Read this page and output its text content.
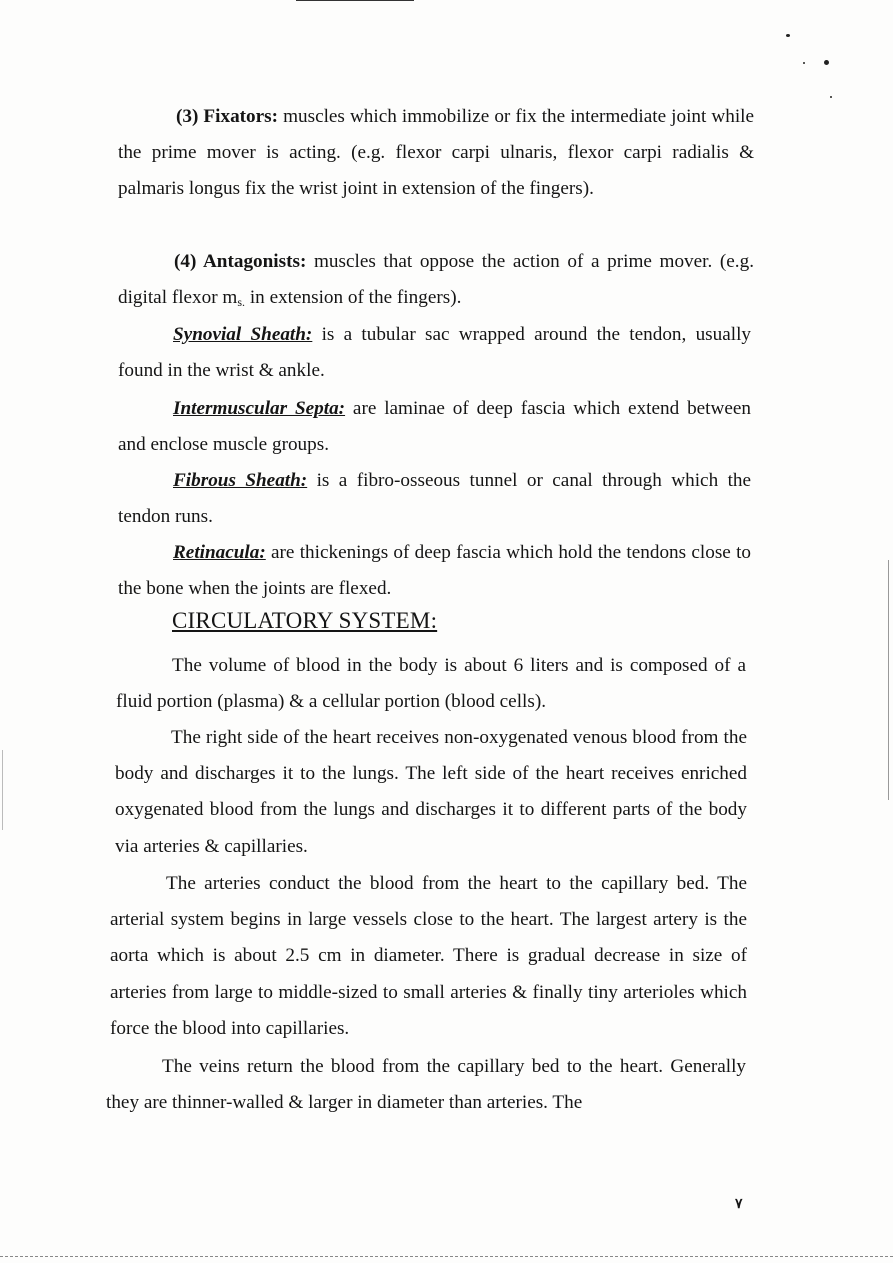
(3) Fixators: muscles which immobilize or fix the intermediate joint while the prime mover is acting. (e.g. flexor carpi ulnaris, flexor carpi radialis & palmaris longus fix the wrist joint in extension of the fingers).

(4) Antagonists: muscles that oppose the action of a prime mover. (e.g. digital flexor $m_{s.}$ in extension of the fingers).

Synovial Sheath: is a tubular sac wrapped around the tendon, usually found in the wrist & ankle.

Intermuscular Septa: are laminae of deep fascia which extend between and enclose muscle groups.

Fibrous Sheath: is a fibro-osseous tunnel or canal through which the tendon runs.

Retinacula: are thickenings of deep fascia which hold the tendons close to the bone when the joints are flexed.

CIRCULATORY SYSTEM:

The volume of blood in the body is about 6 liters and is composed of a fluid portion (plasma) & a cellular portion (blood cells).

The right side of the heart receives non-oxygenated venous blood from the body and discharges it to the lungs. The left side of the heart receives enriched oxygenated blood from the lungs and discharges it to different parts of the body via arteries & capillaries.

The arteries conduct the blood from the heart to the capillary bed. The arterial system begins in large vessels close to the heart. The largest artery is the aorta which is about 2.5 cm in diameter. There is gradual decrease in size of arteries from large to middle-sized to small arteries & finally tiny arterioles which force the blood into capillaries.

The veins return the blood from the capillary bed to the heart. Generally they are thinner-walled & larger in diameter than arteries. The

٧
